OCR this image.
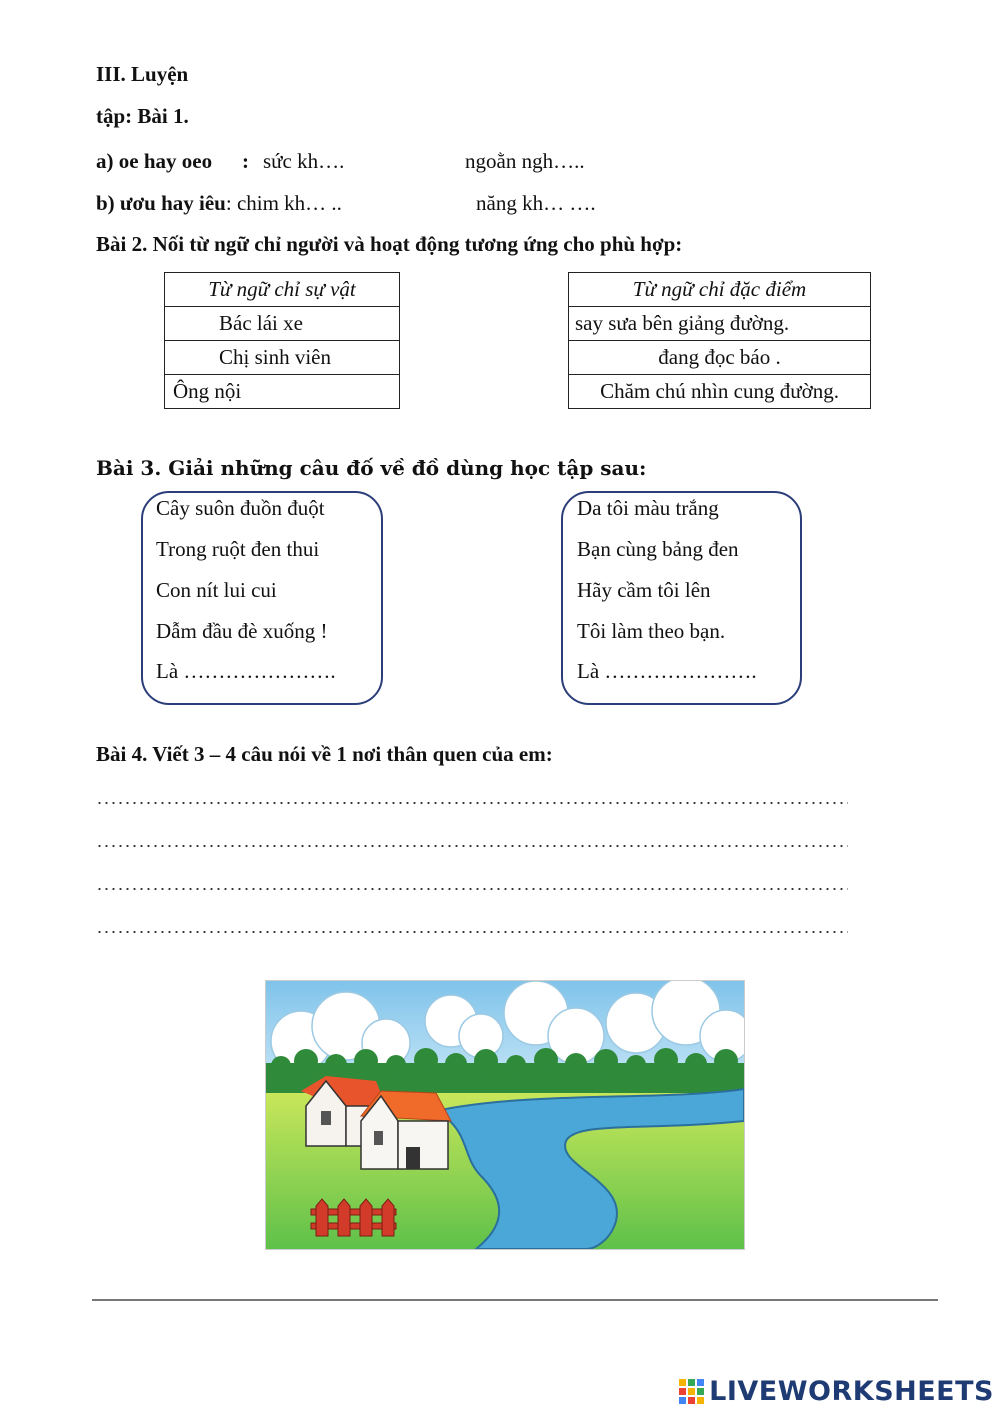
III. Luyện
tập: Bài 1.
a) oe hay oeo : sức kh….	ngoằn ngh…..
b) ươu hay iêu: chim kh… ..	năng kh… ….
Bài 2. Nối từ ngữ chỉ người và hoạt động tương ứng cho phù hợp:
Từ ngữ chỉ sự vật
Bác lái xe
Chị sinh viên
Ông nội
Từ ngữ chỉ đặc điểm
say sưa bên giảng đường.
đang đọc báo .
Chăm chú nhìn cung đường.
Bài 3. Giải những câu đố về đồ dùng học tập sau:
Cây suôn đuồn đuột
Trong ruột đen thui
Con nít lui cui
Dẫm đầu đè xuống !
Là ………………….
Da tôi màu trắng
Bạn cùng bảng đen
Hãy cầm tôi lên
Tôi làm theo bạn.
Là ………………….
Bài 4. Viết 3 – 4 câu nói về 1 nơi thân quen của em:
LIVEWORKSHEETS
